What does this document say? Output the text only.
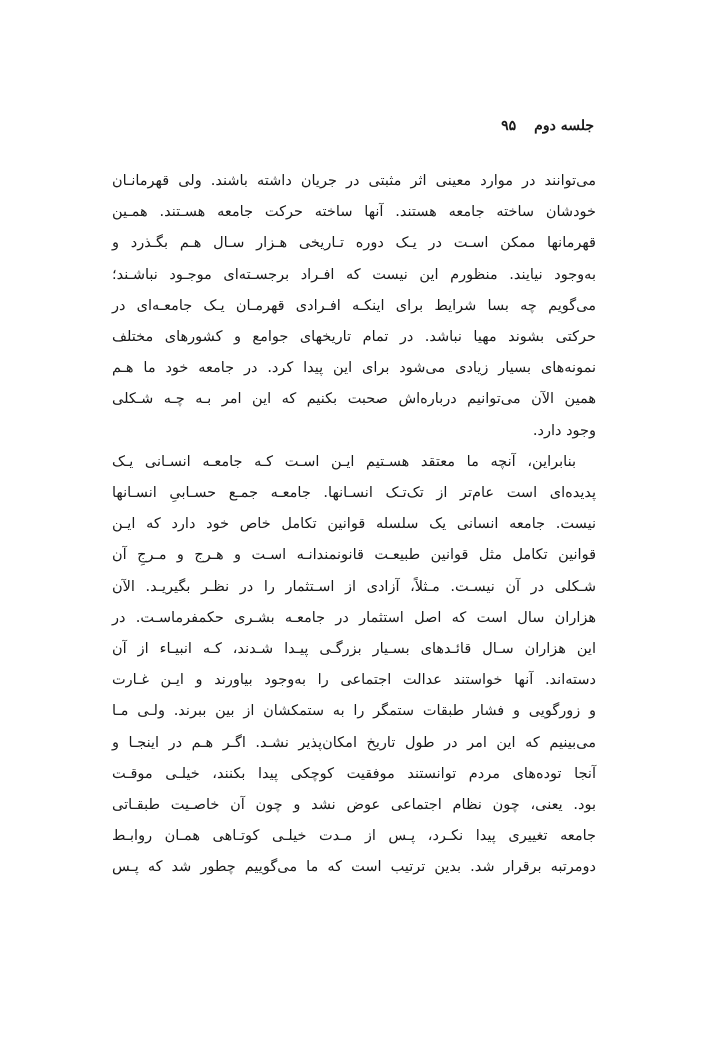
جلسه دوم
۹۵

می‌توانند در موارد معینی اثر مثبتی در جریان داشته باشند. ولی قهرمانـان
خودشان ساخته جامعه هستند. آنها ساخته حرکت جامعه هسـتند. همـین
قهرمانها ممکن اسـت در یـک دوره تـاریخی هـزار سـال هـم بگـذرد و
به‌وجود نیایند. منظورم این نیست که افـراد برجسـته‌ای موجـود نباشـند؛
می‌گویم چه بسا شرایط برای اینکـه افـرادی قهرمـان یـک جامعـه‌ای در
حرکتی بشوند مهیا نباشد. در تمام تاریخهای جوامع و کشورهای مختلف
نمونه‌های بسیار زیادی می‌شود برای این پیدا کرد. در جامعه خود ما هـم
همین الآن می‌توانیم درباره‌اش صحبت بکنیم که این امر بـه چـه شـکلی
وجود دارد.

بنابراین، آنچه ما معتقد هسـتیم ایـن اسـت کـه جامعـه انسـانی یـک
پدیده‌ای است عام‌تر از تک‌تـک انسـانها. جامعـه جمـع حسـابیِ انسـانها
نیست. جامعه انسانی یک سلسله قوانین تکامل خاص خود دارد که ایـن
قوانین تکامل مثل قوانین طبیعـت قانونمندانـه اسـت و هـرج و مـرجِ آن
شـکلی در آن نیسـت. مـثلاً، آزادی از اسـتثمار را در نظـر بگیریـد. الآن
هزاران سال است که اصل استثمار در جامعـه بشـری حکمفرماسـت. در
این هزاران سـال قائـدهای بسـیار بزرگـی پیـدا شـدند، کـه انبیـاء از آن
دسته‌اند. آنها خواستند عدالت اجتماعی را به‌وجود بیاورند و ایـن غـارت
و زورگویی و فشار طبقات ستمگر را به ستمکشان از بین ببرند. ولـی مـا
می‌بینیم که این امر در طول تاریخ امکان‌پذیر نشـد. اگـر هـم در اینجـا و
آنجا توده‌های مردم توانستند موفقیت کوچکی پیدا بکنند، خیلـی موقـت
بود. یعنی، چون نظام اجتماعی عوض نشد و چون آن خاصـیت طبقـاتی
جامعه تغییری پیدا نکـرد، پـس از مـدت خیلـی کوتـاهی همـان روابـط
دومرتبه برقرار شد. بدین ترتیب است که ما می‌گوییم چطور شد که پـس
